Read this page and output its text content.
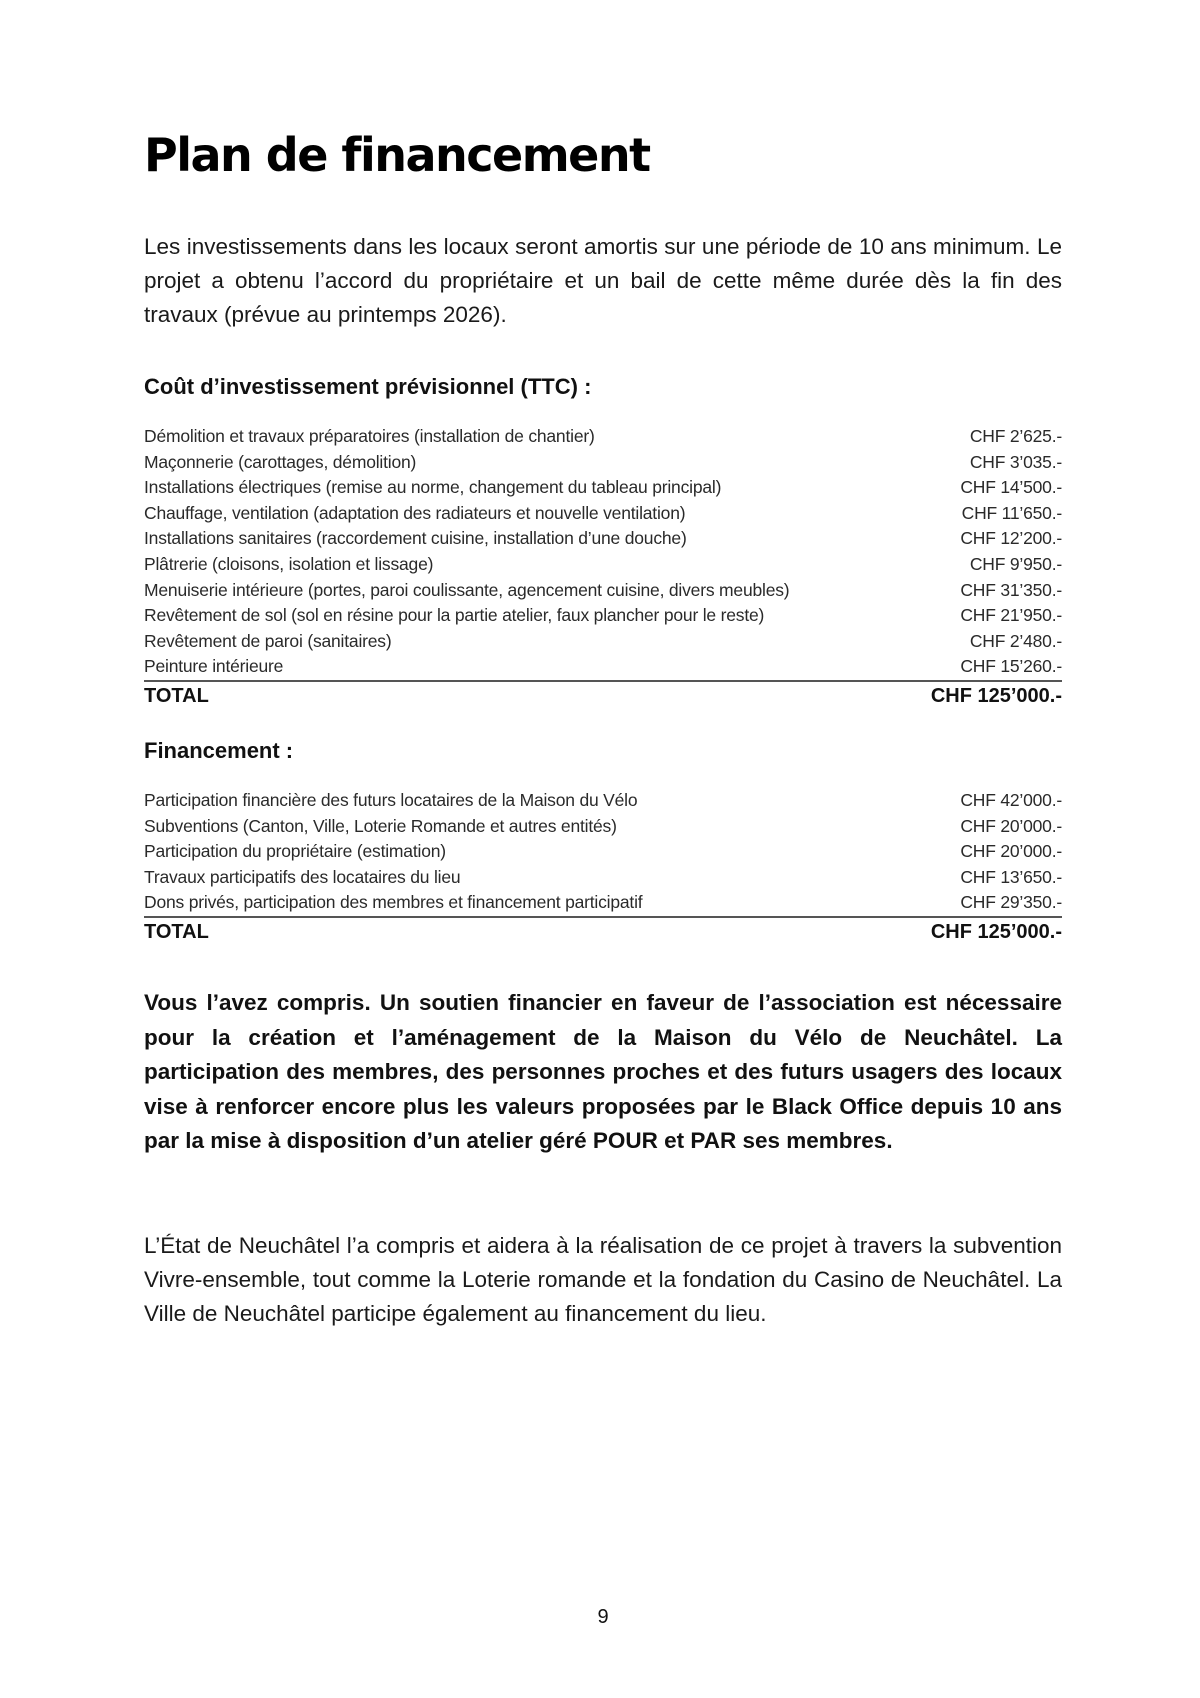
Plan de financement

Les investissements dans les locaux seront amortis sur une période de 10 ans minimum. Le projet a obtenu l’accord du propriétaire et un bail de cette même durée dès la fin des travaux (prévue au printemps 2026).

Coût d’investissement prévisionnel (TTC) :
Démolition et travaux préparatoires (installation de chantier)	CHF 2’625.-
Maçonnerie (carottages, démolition)	CHF 3’035.-
Installations électriques (remise au norme, changement du tableau principal)	CHF 14’500.-
Chauffage, ventilation (adaptation des radiateurs et nouvelle ventilation)	CHF 11’650.-
Installations sanitaires (raccordement cuisine, installation d’une douche)	CHF 12’200.-
Plâtrerie (cloisons, isolation et lissage)	CHF 9’950.-
Menuiserie intérieure (portes, paroi coulissante, agencement cuisine, divers meubles)	CHF 31’350.-
Revêtement de sol (sol en résine pour la partie atelier, faux plancher pour le reste)	CHF 21’950.-
Revêtement de paroi (sanitaires)	CHF 2’480.-
Peinture intérieure	CHF 15’260.-
TOTAL	CHF 125’000.-
Financement :
Participation financière des futurs locataires de la Maison du Vélo	CHF 42’000.-
Subventions (Canton, Ville, Loterie Romande et autres entités)	CHF 20’000.-
Participation du propriétaire (estimation)	CHF 20’000.-
Travaux participatifs des locataires du lieu	CHF 13’650.-
Dons privés, participation des membres et financement participatif	CHF 29’350.-
TOTAL	CHF 125’000.-

Vous l’avez compris. Un soutien financier en faveur de l’association est nécessaire pour la création et l’aménagement de la Maison du Vélo de Neuchâtel. La participation des membres, des personnes proches et des futurs usagers des locaux vise à renforcer encore plus les valeurs proposées par le Black Office depuis 10 ans par la mise à disposition d’un atelier géré POUR et PAR ses membres.

L’État de Neuchâtel l’a compris et aidera à la réalisation de ce projet à travers la subvention Vivre-ensemble, tout comme la Loterie romande et la fondation du Casino de Neuchâtel. La Ville de Neuchâtel participe également au financement du lieu.

9
